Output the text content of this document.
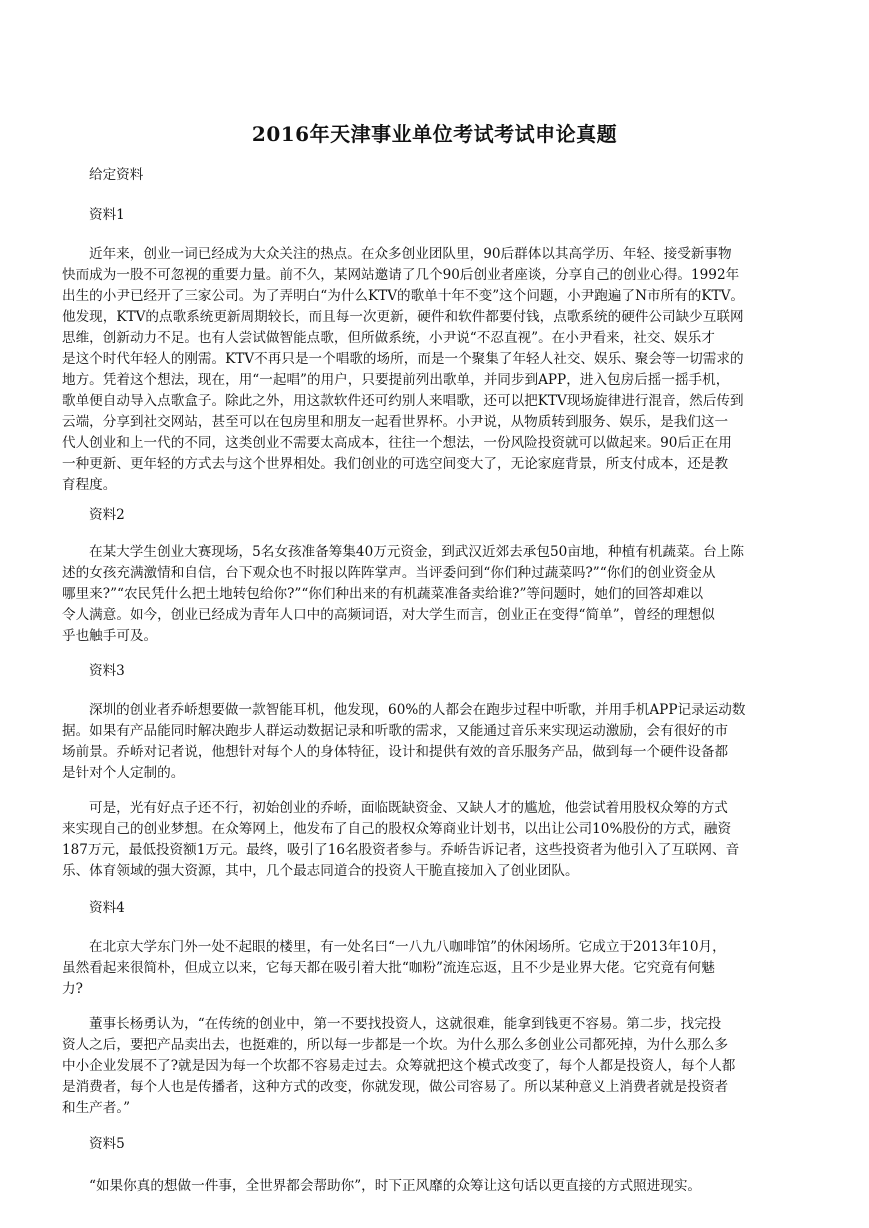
2016年天津事业单位考试考试申论真题
给定资料
资料1

近年来，创业一词已经成为大众关注的热点。在众多创业团队里，90后群体以其高学历、年轻、接受新事物

快而成为一股不可忽视的重要力量。前不久，某网站邀请了几个90后创业者座谈，分享自己的创业心得。1992年

出生的小尹已经开了三家公司。为了弄明白“为什么KTV的歌单十年不变”这个问题，小尹跑遍了N市所有的KTV。

他发现，KTV的点歌系统更新周期较长，而且每一次更新，硬件和软件都要付钱，点歌系统的硬件公司缺少互联网

思维，创新动力不足。也有人尝试做智能点歌，但所做系统，小尹说“不忍直视”。在小尹看来，社交、娱乐才

是这个时代年轻人的刚需。KTV不再只是一个唱歌的场所，而是一个聚集了年轻人社交、娱乐、聚会等一切需求的

地方。凭着这个想法，现在，用“一起唱”的用户，只要提前列出歌单，并同步到APP，进入包房后摇一摇手机，

歌单便自动导入点歌盒子。除此之外，用这款软件还可约别人来唱歌，还可以把KTV现场旋律进行混音，然后传到

云端，分享到社交网站，甚至可以在包房里和朋友一起看世界杯。小尹说，从物质转到服务、娱乐，是我们这一

代人创业和上一代的不同，这类创业不需要太高成本，往往一个想法，一份风险投资就可以做起来。90后正在用

一种更新、更年轻的方式去与这个世界相处。我们创业的可选空间变大了，无论家庭背景，所支付成本，还是教

育程度。

资料2

在某大学生创业大赛现场，5名女孩准备筹集40万元资金，到武汉近郊去承包50亩地，种植有机蔬菜。台上陈

述的女孩充满激情和自信，台下观众也不时报以阵阵掌声。当评委问到“你们种过蔬菜吗?”“你们的创业资金从

哪里来?”“农民凭什么把土地转包给你?”“你们种出来的有机蔬菜准备卖给谁?”等问题时，她们的回答却难以

令人满意。如今，创业已经成为青年人口中的高频词语，对大学生而言，创业正在变得“简单”，曾经的理想似

乎也触手可及。

资料3

深圳的创业者乔峤想要做一款智能耳机，他发现，60%的人都会在跑步过程中听歌，并用手机APP记录运动数

据。如果有产品能同时解决跑步人群运动数据记录和听歌的需求，又能通过音乐来实现运动激励，会有很好的市

场前景。乔峤对记者说，他想针对每个人的身体特征，设计和提供有效的音乐服务产品，做到每一个硬件设备都

是针对个人定制的。

可是，光有好点子还不行，初始创业的乔峤，面临既缺资金、又缺人才的尴尬，他尝试着用股权众筹的方式

来实现自己的创业梦想。在众筹网上，他发布了自己的股权众筹商业计划书，以出让公司10%股份的方式，融资

187万元，最低投资额1万元。最终，吸引了16名股资者参与。乔峤告诉记者，这些投资者为他引入了互联网、音

乐、体育领域的强大资源，其中，几个最志同道合的投资人干脆直接加入了创业团队。

资料4

在北京大学东门外一处不起眼的楼里，有一处名曰“一八九八咖啡馆”的休闲场所。它成立于2013年10月，

虽然看起来很简朴，但成立以来，它每天都在吸引着大批“咖粉”流连忘返，且不少是业界大佬。它究竟有何魅

力?

董事长杨勇认为，“在传统的创业中，第一不要找投资人，这就很难，能拿到钱更不容易。第二步，找完投

资人之后，要把产品卖出去，也挺难的，所以每一步都是一个坎。为什么那么多创业公司都死掉，为什么那么多

中小企业发展不了?就是因为每一个坎都不容易走过去。众筹就把这个模式改变了，每个人都是投资人，每个人都

是消费者，每个人也是传播者，这种方式的改变，你就发现，做公司容易了。所以某种意义上消费者就是投资者

和生产者。”

资料5

“如果你真的想做一件事，全世界都会帮助你”，时下正风靡的众筹让这句话以更直接的方式照进现实。
